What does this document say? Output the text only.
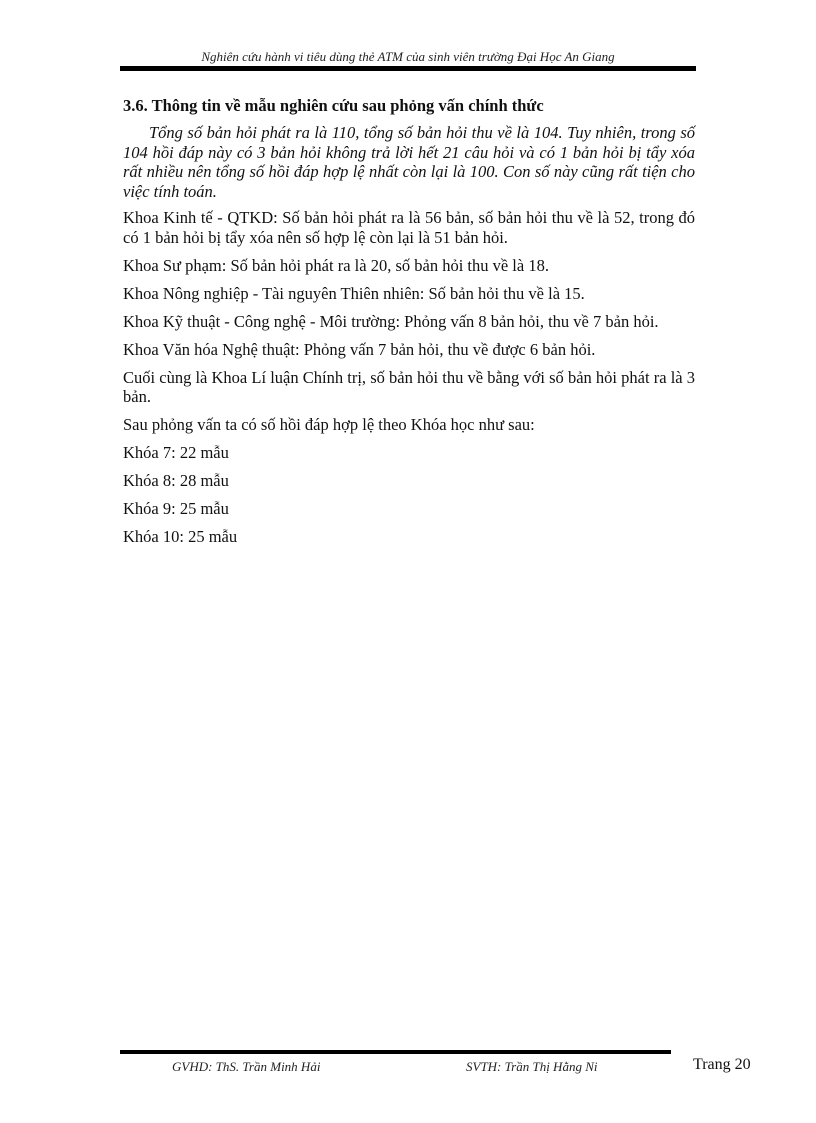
Nghiên cứu hành vi tiêu dùng thẻ ATM của sinh viên trường Đại Học An Giang
3.6. Thông tin về mẫu nghiên cứu sau phỏng vấn chính thức

Tổng số bản hỏi phát ra là 110, tổng số bản hỏi thu về là 104. Tuy nhiên, trong số 104 hồi đáp này có 3 bản hỏi không trả lời hết 21 câu hỏi và có 1 bản hỏi bị tẩy xóa rất nhiều nên tổng số hồi đáp hợp lệ nhất còn lại là 100. Con số này cũng rất tiện cho việc tính toán.

Khoa Kinh tế - QTKD: Số bản hỏi phát ra là 56 bản, số bản hỏi thu về là 52, trong đó có 1 bản hỏi bị tẩy xóa nên số hợp lệ còn lại là 51 bản hỏi.

Khoa Sư phạm: Số bản hỏi phát ra là 20, số bản hỏi thu về là 18.

Khoa Nông nghiệp - Tài nguyên Thiên nhiên: Số bản hỏi thu về là 15.

Khoa Kỹ thuật - Công nghệ - Môi trường: Phỏng vấn 8 bản hỏi, thu về 7 bản hỏi.

Khoa Văn hóa Nghệ thuật: Phỏng vấn 7 bản hỏi, thu về được 6 bản hỏi.

Cuối cùng là Khoa Lí luận Chính trị, số bản hỏi thu về bằng với số bản hỏi phát ra là 3 bản.

Sau phỏng vấn ta có số hồi đáp hợp lệ theo Khóa học như sau:

Khóa 7: 22 mẫu

Khóa 8: 28 mẫu

Khóa 9: 25 mẫu

Khóa 10: 25 mẫu

GVHD: ThS. Trần Minh Hải	SVTH: Trần Thị Hằng Ni	Trang 20
